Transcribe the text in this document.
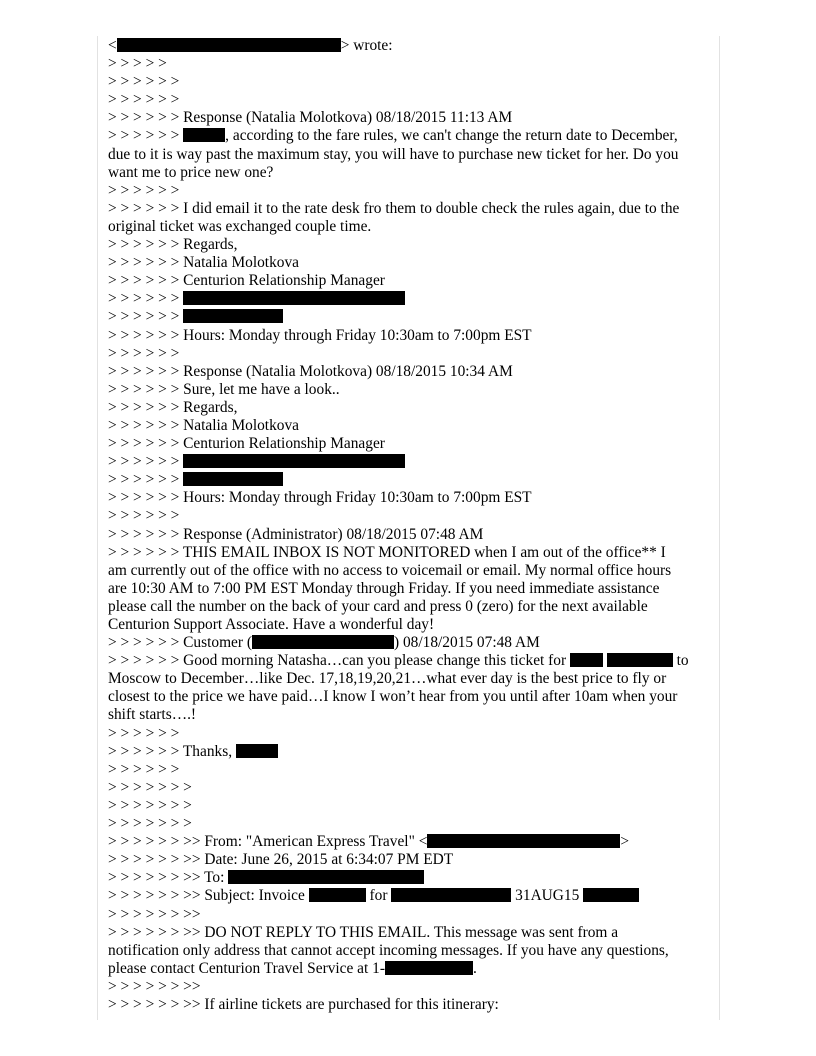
<	> wrote:
> > > > >
> > > > > >
> > > > > >
> > > > > > Response (Natalia Molotkova) 08/18/2015 11:13 AM
> > > > > >	, according to the fare rules, we can't change the return date to December,
due to it is way past the maximum stay, you will have to purchase new ticket for her. Do you
want me to price new one?
> > > > > >
> > > > > > I did email it to the rate desk fro them to double check the rules again, due to the
original ticket was exchanged couple time.
> > > > > > Regards,
> > > > > > Natalia Molotkova
> > > > > > Centurion Relationship Manager
> > > > > >
> > > > > >
> > > > > > Hours: Monday through Friday 10:30am to 7:00pm EST
> > > > > >
> > > > > > Response (Natalia Molotkova) 08/18/2015 10:34 AM
> > > > > > Sure, let me have a look..
> > > > > > Regards,
> > > > > > Natalia Molotkova
> > > > > > Centurion Relationship Manager
> > > > > >
> > > > > >
> > > > > > Hours: Monday through Friday 10:30am to 7:00pm EST
> > > > > >
> > > > > > Response (Administrator) 08/18/2015 07:48 AM
> > > > > > THIS EMAIL INBOX IS NOT MONITORED when I am out of the office** I
am currently out of the office with no access to voicemail or email. My normal office hours
are 10:30 AM to 7:00 PM EST Monday through Friday. If you need immediate assistance
please call the number on the back of your card and press 0 (zero) for the next available
Centurion Support Associate. Have a wonderful day!
> > > > > > Customer (	) 08/18/2015 07:48 AM
> > > > > > Good morning Natasha…can you please change this ticket for	to
Moscow to December…like Dec. 17,18,19,20,21…what ever day is the best price to fly or
closest to the price we have paid…I know I won’t hear from you until after 10am when your
shift starts….!
> > > > > >
> > > > > > Thanks,
> > > > > >
> > > > > > >
> > > > > > >
> > > > > > >
> > > > > > >> From: "American Express Travel" <	>
> > > > > > >> Date: June 26, 2015 at 6:34:07 PM EDT
> > > > > > >> To:
> > > > > > >> Subject: Invoice	for	31AUG15
> > > > > > >>
> > > > > > >> DO NOT REPLY TO THIS EMAIL. This message was sent from a
notification only address that cannot accept incoming messages. If you have any questions,
please contact Centurion Travel Service at 1-	.
> > > > > > >>
> > > > > > >> If airline tickets are purchased for this itinerary:
